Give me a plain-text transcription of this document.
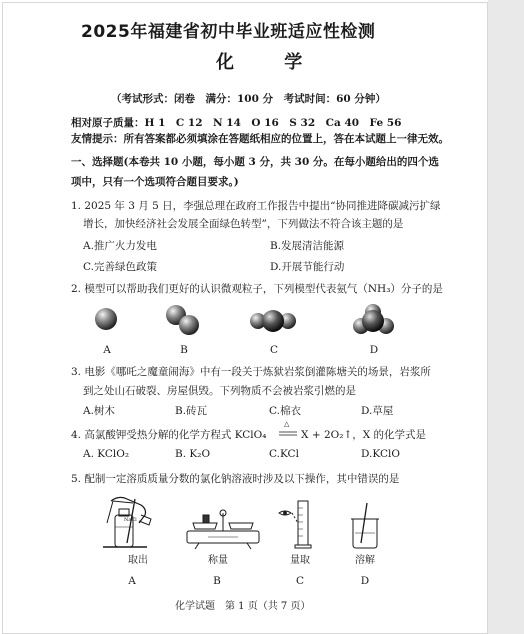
2025年福建省初中毕业班适应性检测
化 学
（考试形式：闭卷　满分：100 分　考试时间：60 分钟）
相对原子质量：H 1　C 12　N 14　O 16　S 32　Ca 40　Fe 56
友情提示：所有答案都必须填涂在答题纸相应的位置上，答在本试题上一律无效。
一、选择题(本卷共 10 小题，每小题 3 分，共 30 分。在每小题给出的四个选
项中，只有一个选项符合题目要求。)
1. 2025 年 3 月 5 日，李强总理在政府工作报告中提出“协同推进降碳减污扩绿
增长，加快经济社会发展全面绿色转型”，下列做法不符合该主题的是
A.推广火力发电	B.发展清洁能源
C.完善绿色政策	D.开展节能行动
2. 模型可以帮助我们更好的认识微观粒子，下列模型代表氨气（NH₃）分子的是
A	B	C	D
3. 电影《哪吒之魔童闹海》中有一段关于炼狱岩浆倒灌陈塘关的场景，岩浆所
到之处山石破裂、房屋俱毁。下列物质不会被岩浆引燃的是
A.树木	B.砖瓦	C.棉衣	D.草屋
4. 高氯酸钾受热分解的化学方程式 KClO₄
△
X + 2O₂↑，X 的化学式是
A. KClO₂	B. K₂O	C.KCl	D.KClO
5. 配制一定溶质质量分数的氯化钠溶液时涉及以下操作，其中错误的是
NaCl
取出	称量	量取	溶解
A	B	C	D
化学试题　第 1 页（共 7 页）
